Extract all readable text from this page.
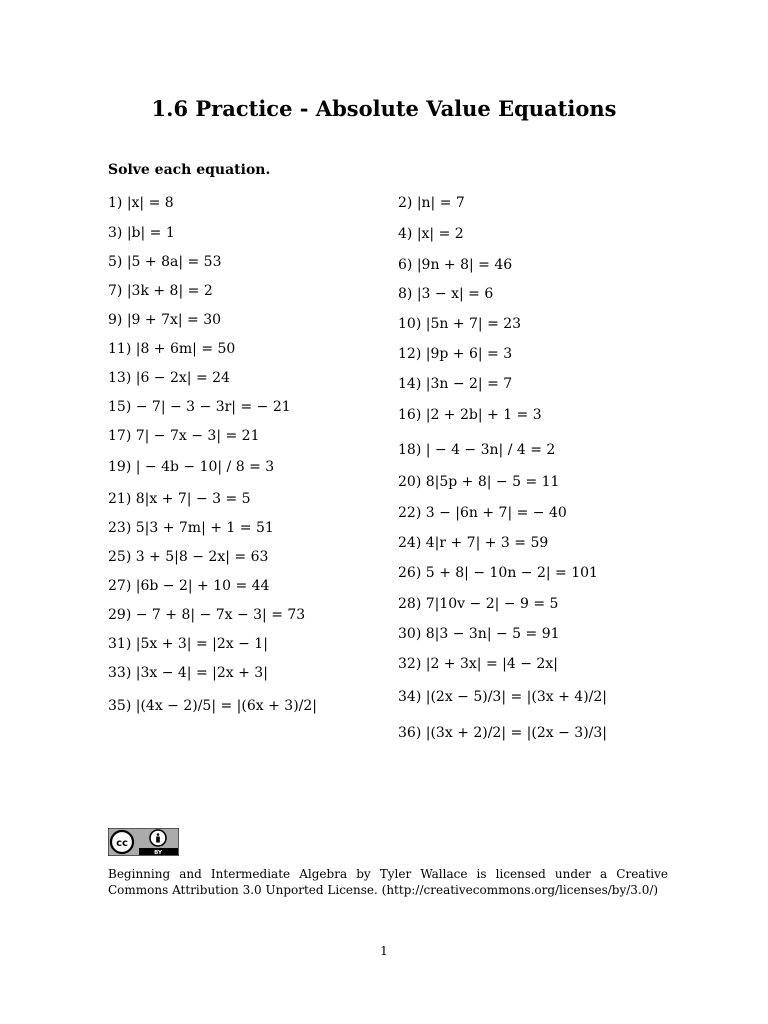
1.6 Practice - Absolute Value Equations
Solve each equation.
1) |x| = 8
3) |b| = 1
5) |5 + 8a| = 53
7) |3k + 8| = 2
9) |9 + 7x| = 30
11) |8 + 6m| = 50
13) |6 − 2x| = 24
15) − 7| − 3 − 3r| = − 21
17) 7| − 7x − 3| = 21
19) | − 4b − 10| / 8 = 3
21) 8|x + 7| − 3 = 5
23) 5|3 + 7m| + 1 = 51
25) 3 + 5|8 − 2x| = 63
27) |6b − 2| + 10 = 44
29) − 7 + 8| − 7x − 3| = 73
31) |5x + 3| = |2x − 1|
33) |3x − 4| = |2x + 3|
35) |(4x − 2)/5| = |(6x + 3)/2|
2) |n| = 7
4) |x| = 2
6) |9n + 8| = 46
8) |3 − x| = 6
10) |5n + 7| = 23
12) |9p + 6| = 3
14) |3n − 2| = 7
16) |2 + 2b| + 1 = 3
18) | − 4 − 3n| / 4 = 2
20) 8|5p + 8| − 5 = 11
22) 3 − |6n + 7| = − 40
24) 4|r + 7| + 3 = 59
26) 5 + 8| − 10n − 2| = 101
28) 7|10v − 2| − 9 = 5
30) 8|3 − 3n| − 5 = 91
32) |2 + 3x| = |4 − 2x|
34) |(2x − 5)/3| = |(3x + 4)/2|
36) |(3x + 2)/2| = |(2x − 3)/3|
cc
BY
Beginning and Intermediate Algebra by Tyler Wallace is licensed under a Creative Commons Attribution 3.0 Unported License. (http://creativecommons.org/licenses/by/3.0/)
1
